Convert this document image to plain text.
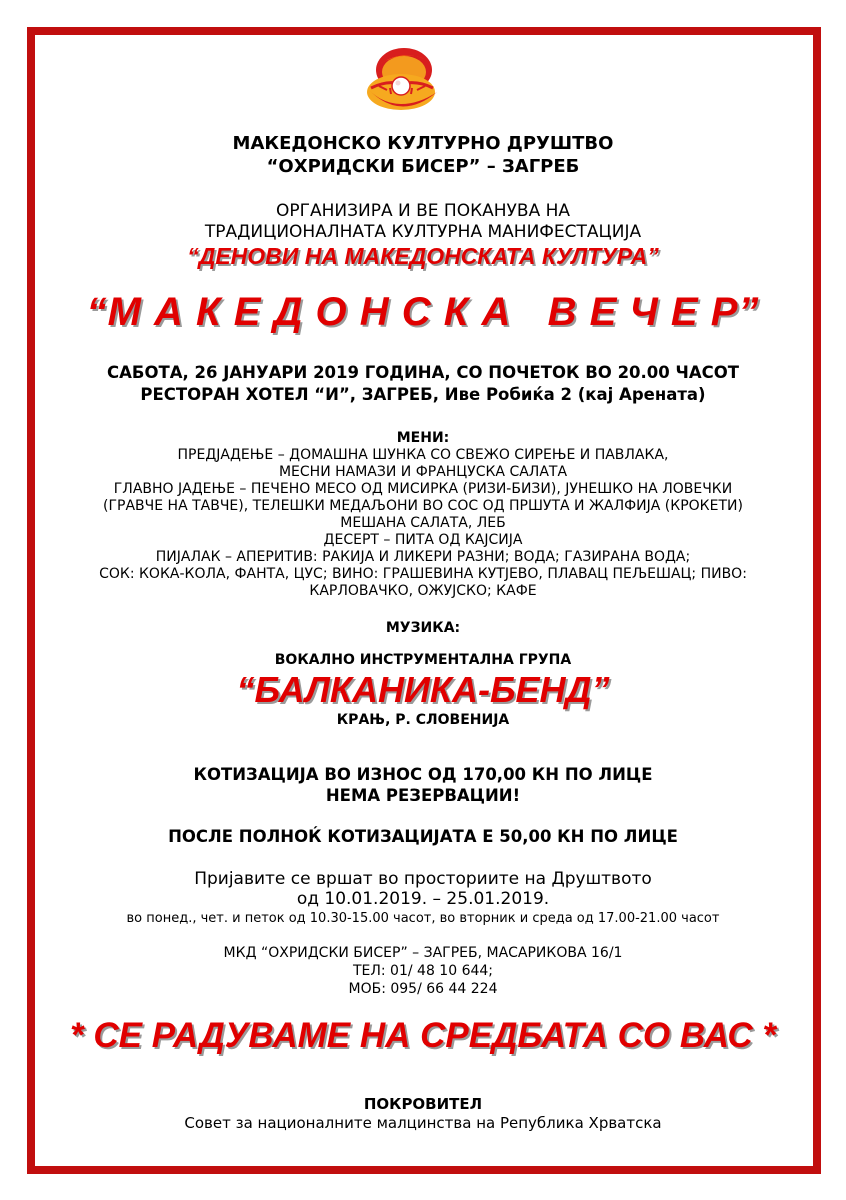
МАКЕДОНСКО КУЛТУРНО ДРУШТВО

“ОХРИДСКИ БИСЕР” – ЗАГРЕБ

ОРГАНИЗИРА И ВЕ ПОКАНУВА НА

ТРАДИЦИОНАЛНАТА КУЛТУРНА МАНИФЕСТАЦИЈА

“ДЕНОВИ НА МАКЕДОНСКАТА КУЛТУРА”

“М А К Е Д О Н С К А   В Е Ч Е Р”

САБОТА, 26 ЈАНУАРИ 2019 ГОДИНА, СО ПОЧЕТОК ВО 20.00 ЧАСОТ

РЕСТОРАН ХОТЕЛ “И”, ЗАГРЕБ, Иве Робиќа 2 (кај Арената)

МЕНИ:

ПРЕДЈАДЕЊЕ – ДОМАШНА ШУНКА СО СВЕЖО СИРЕЊЕ И ПАВЛАКА,
МЕСНИ НАМАЗИ И ФРАНЦУСКА САЛАТА
ГЛАВНО ЈАДЕЊЕ – ПЕЧЕНО МЕСО ОД МИСИРКА (РИЗИ-БИЗИ), ЈУНЕШКО НА ЛОВЕЧКИ
(ГРАВЧЕ НА ТАВЧЕ), ТЕЛЕШКИ МЕДАЉОНИ ВО СОС ОД ПРШУТА И ЖАЛФИЈА (КРОКЕТИ)
МЕШАНА САЛАТА, ЛЕБ
ДЕСЕРТ – ПИТА ОД КАЈСИЈА
ПИЈАЛАК – АПЕРИТИВ: РАКИЈА И ЛИКЕРИ РАЗНИ; ВОДА; ГАЗИРАНА ВОДА;
СОК: КОКА-КОЛА, ФАНТА, ЦУС; ВИНО: ГРАШЕВИНА КУТЈЕВО, ПЛАВАЦ ПЕЉЕШАЦ; ПИВО:
КАРЛОВАЧКО, ОЖУЈСКО; КАФЕ

МУЗИКА:

ВОКАЛНО ИНСТРУМЕНТАЛНА ГРУПА

“БАЛКАНИКА-БЕНД”

КРАЊ, Р. СЛОВЕНИЈА

КОТИЗАЦИЈА ВО ИЗНОС ОД 170,00 КН ПО ЛИЦЕ

НЕМА РЕЗЕРВАЦИИ!

ПОСЛЕ ПОЛНОЌ КОТИЗАЦИЈАТА Е 50,00 КН ПО ЛИЦЕ

Пријавите се вршат во просториите на Друштвото

од 10.01.2019. – 25.01.2019.

во понед., чет. и петок од 10.30-15.00 часот, во вторник и среда од 17.00-21.00 часот

МКД “ОХРИДСКИ БИСЕР” – ЗАГРЕБ, МАСАРИКОВА 16/1

ТЕЛ: 01/ 48 10 644;

МОБ: 095/ 66 44 224

* СЕ РАДУВАМЕ НА СРЕДБАТА СО ВАС *

ПОКРОВИТЕЛ

Совет за националните малцинства на Република Хрватска
